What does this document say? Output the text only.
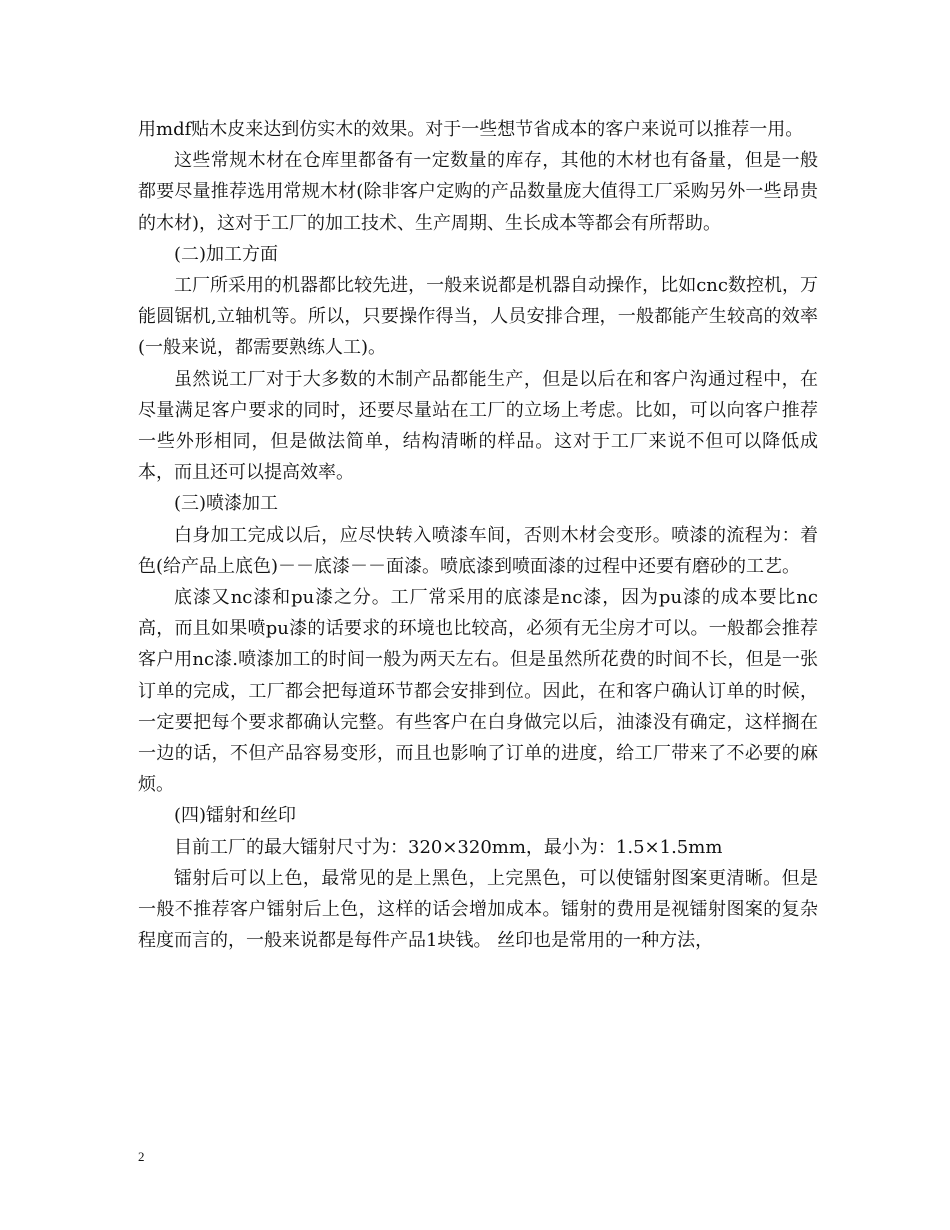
用mdf贴木皮来达到仿实木的效果。对于一些想节省成本的客户来说可以推荐一用。

这些常规木材在仓库里都备有一定数量的库存，其他的木材也有备量，但是一般都要尽量推荐选用常规木材(除非客户定购的产品数量庞大值得工厂采购另外一些昂贵的木材)，这对于工厂的加工技术、生产周期、生长成本等都会有所帮助。

(二)加工方面

工厂所采用的机器都比较先进，一般来说都是机器自动操作，比如cnc数控机，万能圆锯机,立轴机等。所以，只要操作得当，人员安排合理，一般都能产生较高的效率(一般来说，都需要熟练人工)。

虽然说工厂对于大多数的木制产品都能生产，但是以后在和客户沟通过程中，在尽量满足客户要求的同时，还要尽量站在工厂的立场上考虑。比如，可以向客户推荐一些外形相同，但是做法简单，结构清晰的样品。这对于工厂来说不但可以降低成本，而且还可以提高效率。

(三)喷漆加工

白身加工完成以后，应尽快转入喷漆车间，否则木材会变形。喷漆的流程为：着色(给产品上底色)－－底漆－－面漆。喷底漆到喷面漆的过程中还要有磨砂的工艺。

底漆又nc漆和pu漆之分。工厂常采用的底漆是nc漆，因为pu漆的成本要比nc高，而且如果喷pu漆的话要求的环境也比较高，必须有无尘房才可以。一般都会推荐客户用nc漆.喷漆加工的时间一般为两天左右。但是虽然所花费的时间不长，但是一张订单的完成，工厂都会把每道环节都会安排到位。因此，在和客户确认订单的时候，一定要把每个要求都确认完整。有些客户在白身做完以后，油漆没有确定，这样搁在一边的话，不但产品容易变形，而且也影响了订单的进度，给工厂带来了不必要的麻烦。

(四)镭射和丝印

目前工厂的最大镭射尺寸为：320×320mm，最小为：1.5×1.5mm

镭射后可以上色，最常见的是上黑色，上完黑色，可以使镭射图案更清晰。但是一般不推荐客户镭射后上色，这样的话会增加成本。镭射的费用是视镭射图案的复杂程度而言的，一般来说都是每件产品1块钱。 丝印也是常用的一种方法，

2
